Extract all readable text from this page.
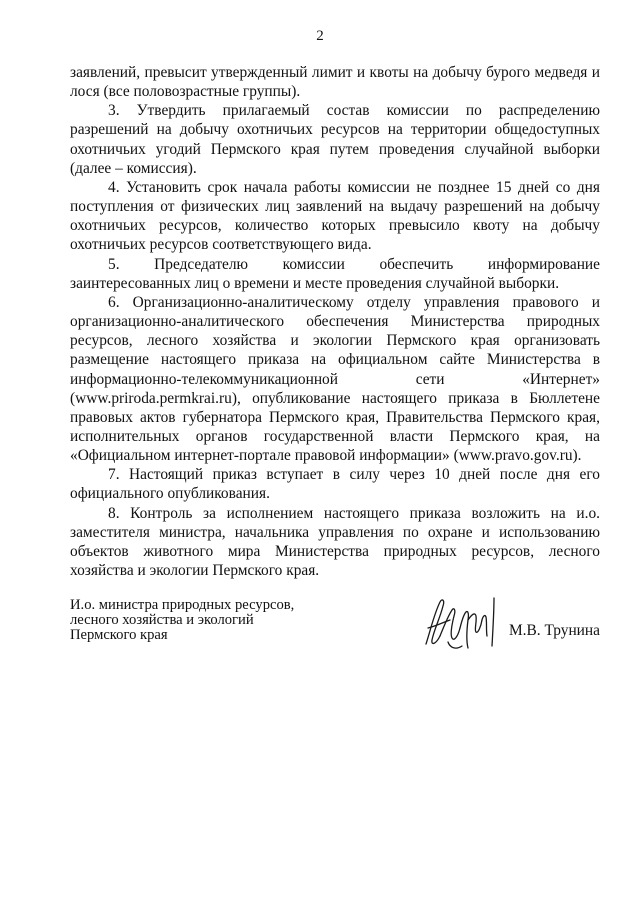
2

заявлений, превысит утвержденный лимит и квоты на добычу бурого медведя и лося (все половозрастные группы).

3. Утвердить прилагаемый состав комиссии по распределению разрешений на добычу охотничьих ресурсов на территории общедоступных охотничьих угодий Пермского края путем проведения случайной выборки (далее – комиссия).

4. Установить срок начала работы комиссии не позднее 15 дней со дня поступления от физических лиц заявлений на выдачу разрешений на добычу охотничьих ресурсов, количество которых превысило квоту на добычу охотничьих ресурсов соответствующего вида.

5. Председателю комиссии обеспечить информирование заинтересованных лиц о времени и месте проведения случайной выборки.

6. Организационно-аналитическому отделу управления правового и организационно-аналитического обеспечения Министерства природных ресурсов, лесного хозяйства и экологии Пермского края организовать размещение настоящего приказа на официальном сайте Министерства в информационно-телекоммуникационной сети «Интернет» (www.priroda.permkrai.ru), опубликование настоящего приказа в Бюллетене правовых актов губернатора Пермского края, Правительства Пермского края, исполнительных органов государственной власти Пермского края, на «Официальном интернет-портале правовой информации» (www.pravo.gov.ru).

7. Настоящий приказ вступает в силу через 10 дней после дня его официального опубликования.

8. Контроль за исполнением настоящего приказа возложить на и.о. заместителя министра, начальника управления по охране и использованию объектов животного мира Министерства природных ресурсов, лесного хозяйства и экологии Пермского края.

И.о. министра природных ресурсов,
лесного хозяйства и экологий
Пермского края	М.В. Трунина
